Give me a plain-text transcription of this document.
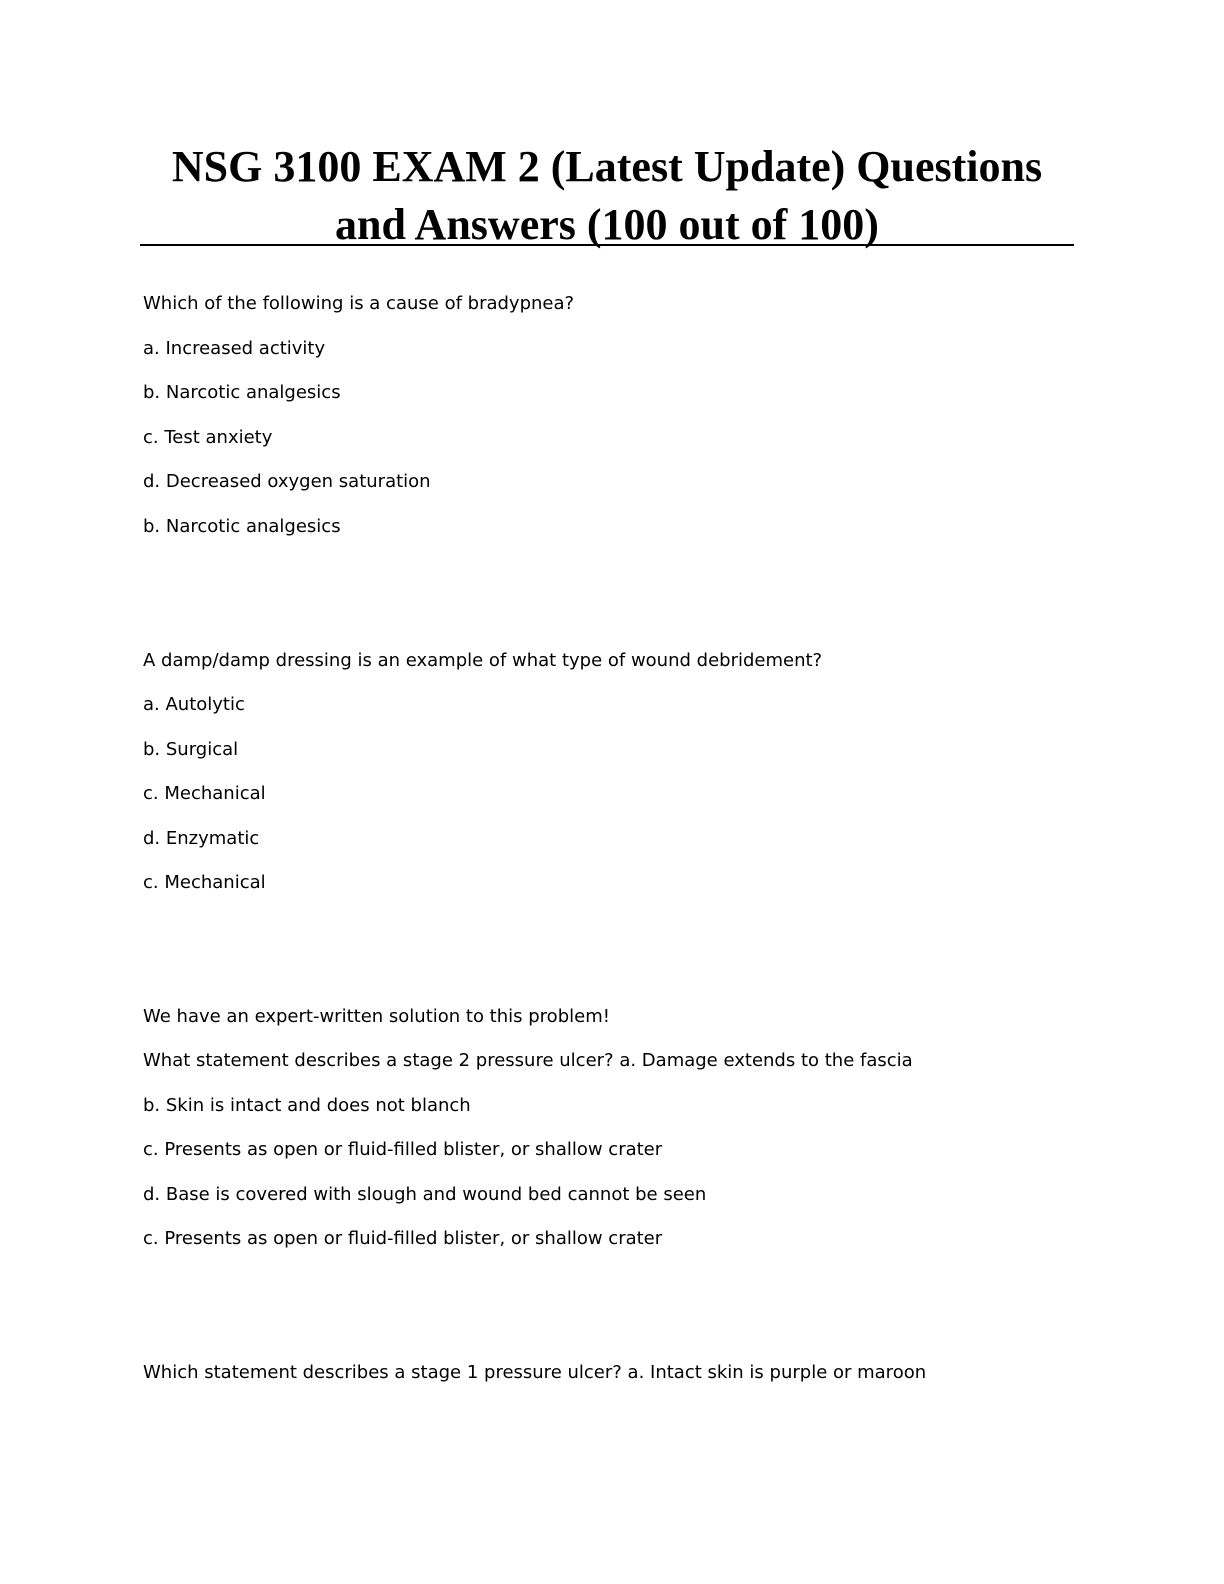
NSG 3100 EXAM 2 (Latest Update) Questions
and Answers (100 out of 100)
Which of the following is a cause of bradypnea?
a. Increased activity
b. Narcotic analgesics
c. Test anxiety
d. Decreased oxygen saturation
b. Narcotic analgesics
A damp/damp dressing is an example of what type of wound debridement?
a. Autolytic
b. Surgical
c. Mechanical
d. Enzymatic
c. Mechanical
We have an expert-written solution to this problem!
What statement describes a stage 2 pressure ulcer? a. Damage extends to the fascia
b. Skin is intact and does not blanch
c. Presents as open or fluid-filled blister, or shallow crater
d. Base is covered with slough and wound bed cannot be seen
c. Presents as open or fluid-filled blister, or shallow crater
Which statement describes a stage 1 pressure ulcer? a. Intact skin is purple or maroon
